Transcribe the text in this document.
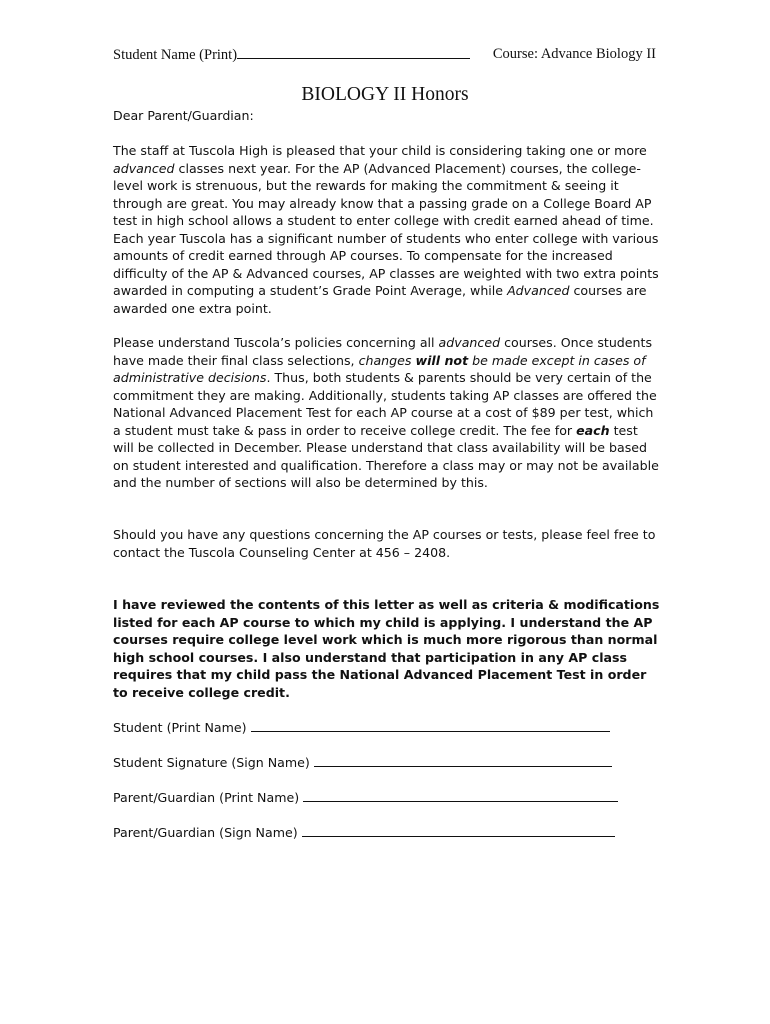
Student Name (Print)	Course: Advance Biology II
BIOLOGY II Honors
Dear Parent/Guardian:

The staff at Tuscola High is pleased that your child is considering taking one or more advanced classes next year. For the AP (Advanced Placement) courses, the college-level work is strenuous, but the rewards for making the commitment & seeing it through are great. You may already know that a passing grade on a College Board AP test in high school allows a student to enter college with credit earned ahead of time. Each year Tuscola has a significant number of students who enter college with various amounts of credit earned through AP courses. To compensate for the increased difficulty of the AP & Advanced courses, AP classes are weighted with two extra points awarded in computing a student’s Grade Point Average, while Advanced courses are awarded one extra point.

Please understand Tuscola’s policies concerning all advanced courses. Once students have made their final class selections, changes will not be made except in cases of administrative decisions. Thus, both students & parents should be very certain of the commitment they are making. Additionally, students taking AP classes are offered the National Advanced Placement Test for each AP course at a cost of $89 per test, which a student must take & pass in order to receive college credit. The fee for each test will be collected in December. Please understand that class availability will be based on student interested and qualification. Therefore a class may or may not be available and the number of sections will also be determined by this.

Should you have any questions concerning the AP courses or tests, please feel free to contact the Tuscola Counseling Center at 456 – 2408.

I have reviewed the contents of this letter as well as criteria & modifications listed for each AP course to which my child is applying. I understand the AP courses require college level work which is much more rigorous than normal high school courses. I also understand that participation in any AP class requires that my child pass the National Advanced Placement Test in order to receive college credit.

Student (Print Name)
Student Signature (Sign Name)
Parent/Guardian (Print Name)
Parent/Guardian (Sign Name)
